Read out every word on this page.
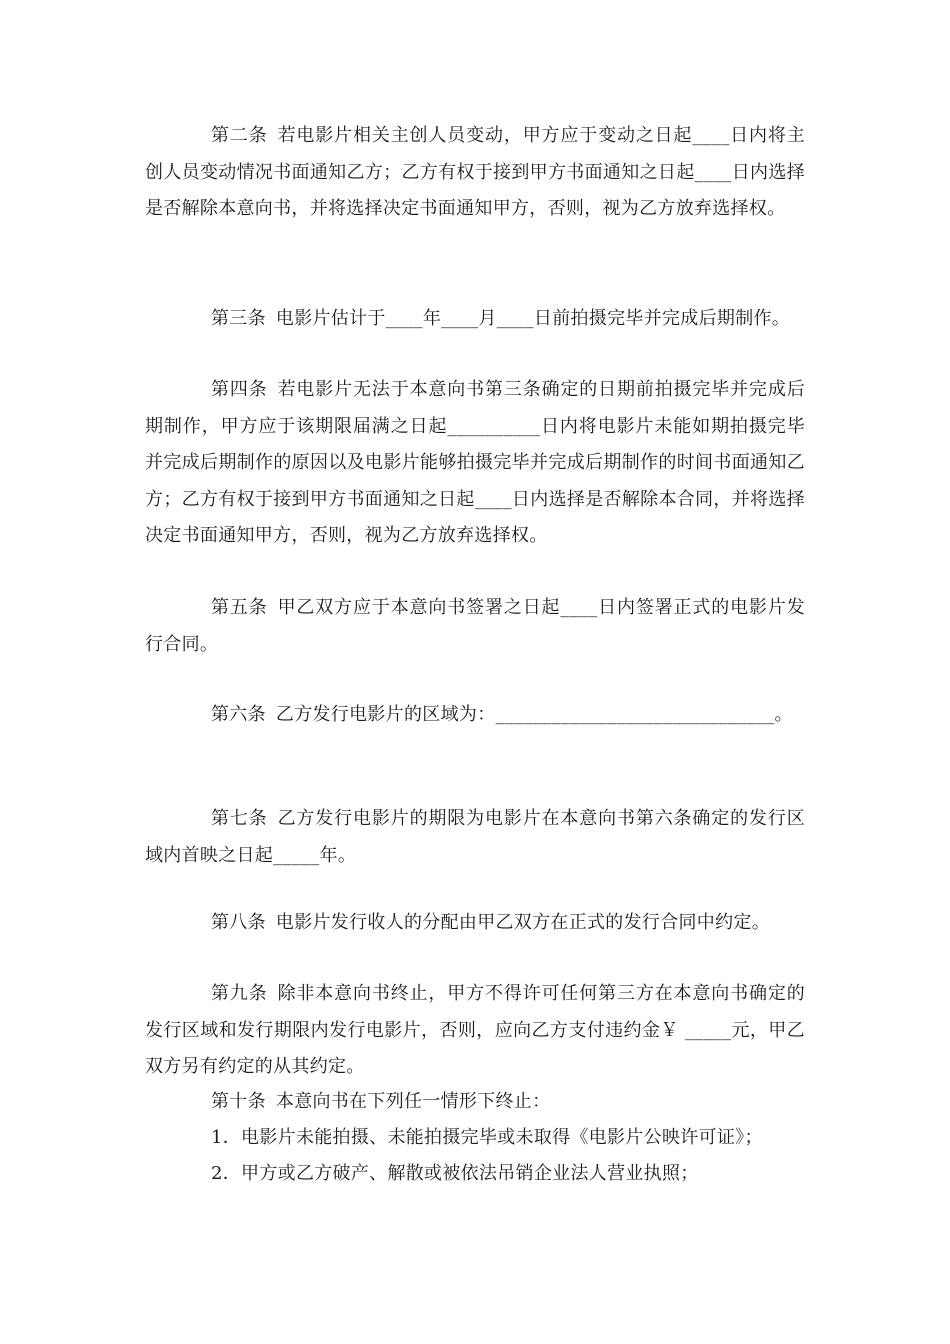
第二条 若电影片相关主创人员变动，甲方应于变动之日起____日内将主创人员变动情况书面通知乙方；乙方有权于接到甲方书面通知之日起____日内选择是否解除本意向书，并将选择决定书面通知甲方，否则，视为乙方放弃选择权。

第三条 电影片估计于____年____月____日前拍摄完毕并完成后期制作。

第四条 若电影片无法于本意向书第三条确定的日期前拍摄完毕并完成后期制作，甲方应于该期限届满之日起__________日内将电影片未能如期拍摄完毕并完成后期制作的原因以及电影片能够拍摄完毕并完成后期制作的时间书面通知乙方；乙方有权于接到甲方书面通知之日起____日内选择是否解除本合同，并将选择决定书面通知甲方，否则，视为乙方放弃选择权。

第五条 甲乙双方应于本意向书签署之日起____日内签署正式的电影片发行合同。

第六条 乙方发行电影片的区域为：______________________________。

第七条 乙方发行电影片的期限为电影片在本意向书第六条确定的发行区域内首映之日起_____年。

第八条 电影片发行收人的分配由甲乙双方在正式的发行合同中约定。

第九条 除非本意向书终止，甲方不得许可任何第三方在本意向书确定的发行区域和发行期限内发行电影片，否则，应向乙方支付违约金￥ _____元，甲乙双方另有约定的从其约定。

第十条 本意向书在下列任一情形下终止：

1．电影片未能拍摄、未能拍摄完毕或未取得《电影片公映许可证》；

2．甲方或乙方破产、解散或被依法吊销企业法人营业执照；
